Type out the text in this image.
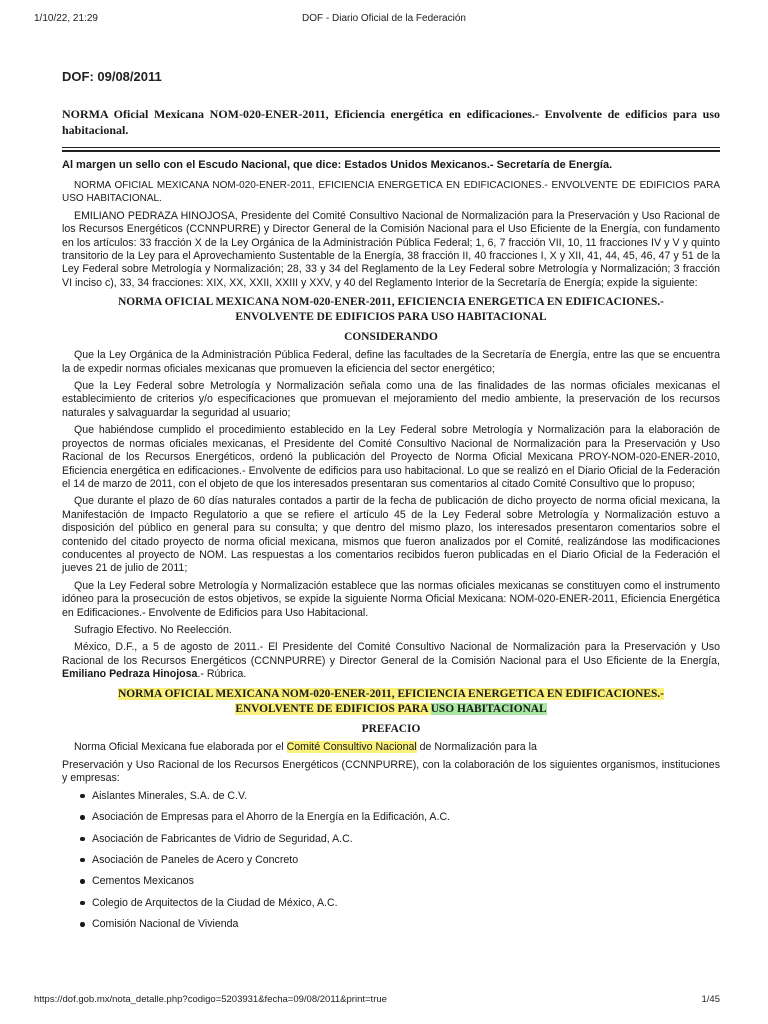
1/10/22, 21:29	DOF - Diario Oficial de la Federación
DOF: 09/08/2011

NORMA Oficial Mexicana NOM-020-ENER-2011, Eficiencia energética en edificaciones.- Envolvente de edificios para uso habitacional.

Al margen un sello con el Escudo Nacional, que dice: Estados Unidos Mexicanos.- Secretaría de Energía.

NORMA OFICIAL MEXICANA NOM-020-ENER-2011, EFICIENCIA ENERGETICA EN EDIFICACIONES.- ENVOLVENTE DE EDIFICIOS PARA USO HABITACIONAL.

EMILIANO PEDRAZA HINOJOSA, Presidente del Comité Consultivo Nacional de Normalización para la Preservación y Uso Racional de los Recursos Energéticos (CCNNPURRE) y Director General de la Comisión Nacional para el Uso Eficiente de la Energía, con fundamento en los artículos: 33 fracción X de la Ley Orgánica de la Administración Pública Federal; 1, 6, 7 fracción VII, 10, 11 fracciones IV y V y quinto transitorio de la Ley para el Aprovechamiento Sustentable de la Energía, 38 fracción II, 40 fracciones I, X y XII, 41, 44, 45, 46, 47 y 51 de la Ley Federal sobre Metrología y Normalización; 28, 33 y 34 del Reglamento de la Ley Federal sobre Metrología y Normalización; 3 fracción VI inciso c), 33, 34 fracciones: XIX, XX, XXII, XXIII y XXV, y 40 del Reglamento Interior de la Secretaría de Energía; expide la siguiente:

NORMA OFICIAL MEXICANA NOM-020-ENER-2011, EFICIENCIA ENERGETICA EN EDIFICACIONES.-
ENVOLVENTE DE EDIFICIOS PARA USO HABITACIONAL
CONSIDERANDO

Que la Ley Orgánica de la Administración Pública Federal, define las facultades de la Secretaría de Energía, entre las que se encuentra la de expedir normas oficiales mexicanas que promueven la eficiencia del sector energético;

Que la Ley Federal sobre Metrología y Normalización señala como una de las finalidades de las normas oficiales mexicanas el establecimiento de criterios y/o especificaciones que promuevan el mejoramiento del medio ambiente, la preservación de los recursos naturales y salvaguardar la seguridad al usuario;

Que habiéndose cumplido el procedimiento establecido en la Ley Federal sobre Metrología y Normalización para la elaboración de proyectos de normas oficiales mexicanas, el Presidente del Comité Consultivo Nacional de Normalización para la Preservación y Uso Racional de los Recursos Energéticos, ordenó la publicación del Proyecto de Norma Oficial Mexicana PROY-NOM-020-ENER-2010, Eficiencia energética en edificaciones.- Envolvente de edificios para uso habitacional. Lo que se realizó en el Diario Oficial de la Federación el 14 de marzo de 2011, con el objeto de que los interesados presentaran sus comentarios al citado Comité Consultivo que lo propuso;

Que durante el plazo de 60 días naturales contados a partir de la fecha de publicación de dicho proyecto de norma oficial mexicana, la Manifestación de Impacto Regulatorio a que se refiere el artículo 45 de la Ley Federal sobre Metrología y Normalización estuvo a disposición del público en general para su consulta; y que dentro del mismo plazo, los interesados presentaron comentarios sobre el contenido del citado proyecto de norma oficial mexicana, mismos que fueron analizados por el Comité, realizándose las modificaciones conducentes al proyecto de NOM. Las respuestas a los comentarios recibidos fueron publicadas en el Diario Oficial de la Federación el jueves 21 de julio de 2011;

Que la Ley Federal sobre Metrología y Normalización establece que las normas oficiales mexicanas se constituyen como el instrumento idóneo para la prosecución de estos objetivos, se expide la siguiente Norma Oficial Mexicana: NOM-020-ENER-2011, Eficiencia Energética en Edificaciones.- Envolvente de Edificios para Uso Habitacional.

Sufragio Efectivo. No Reelección.

México, D.F., a 5 de agosto de 2011.- El Presidente del Comité Consultivo Nacional de Normalización para la Preservación y Uso Racional de los Recursos Energéticos (CCNNPURRE) y Director General de la Comisión Nacional para el Uso Eficiente de la Energía, Emiliano Pedraza Hinojosa.- Rúbrica.

NORMA OFICIAL MEXICANA NOM-020-ENER-2011, EFICIENCIA ENERGETICA EN EDIFICACIONES.-
ENVOLVENTE DE EDIFICIOS PARA USO HABITACIONAL
PREFACIO

Norma Oficial Mexicana fue elaborada por el Comité Consultivo Nacional de Normalización para la

Preservación y Uso Racional de los Recursos Energéticos (CCNNPURRE), con la colaboración de los siguientes organismos, instituciones y empresas:

Aislantes Minerales, S.A. de C.V.
Asociación de Empresas para el Ahorro de la Energía en la Edificación, A.C.
Asociación de Fabricantes de Vidrio de Seguridad, A.C.
Asociación de Paneles de Acero y Concreto
Cementos Mexicanos
Colegio de Arquitectos de la Ciudad de México, A.C.
Comisión Nacional de Vivienda
https://dof.gob.mx/nota_detalle.php?codigo=5203931&fecha=09/08/2011&print=true	1/45
